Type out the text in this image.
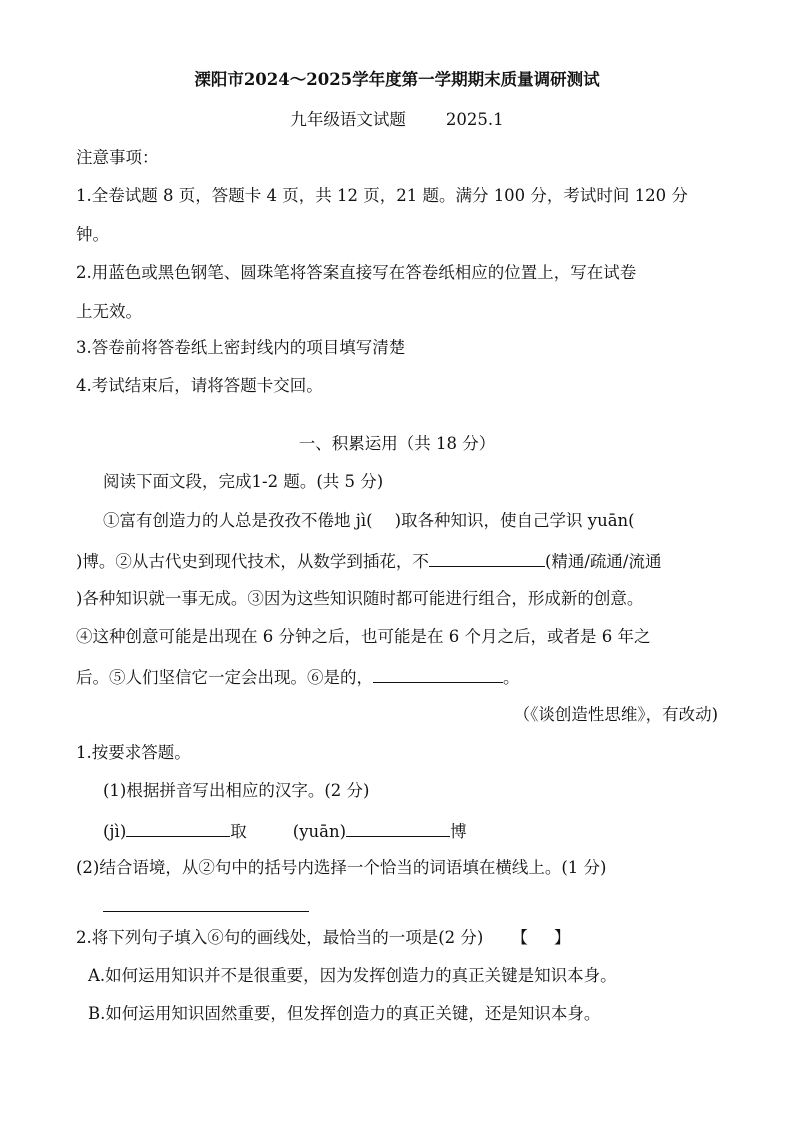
溧阳市2024～2025学年度第一学期期末质量调研测试
九年级语文试题 2025.1
注意事项：
1.全卷试题 8 页，答题卡 4 页，共 12 页，21 题。满分 100 分，考试时间 120 分
钟。
2.用蓝色或黑色钢笔、圆珠笔将答案直接写在答卷纸相应的位置上，写在试卷
上无效。
3.答卷前将答卷纸上密封线内的项目填写清楚
4.考试结束后，请将答题卡交回。
一、积累运用（共 18 分）
阅读下面文段，完成1-2 题。(共 5 分)
①富有创造力的人总是孜孜不倦地 jì( )取各种知识，使自己学识 yuān(
)博。②从古代史到现代技术，从数学到插花，不	(精通/疏通/流通
)各种知识就一事无成。③因为这些知识随时都可能进行组合，形成新的创意。
④这种创意可能是出现在 6 分钟之后，也可能是在 6 个月之后，或者是 6 年之
后。⑤人们坚信它一定会出现。⑥是的，	。
（《谈创造性思维》，有改动)
1.按要求答题。
(1)根据拼音写出相应的汉字。(2 分)
(jì)	取	(yuān)	博
(2)结合语境，从②句中的括号内选择一个恰当的词语填在横线上。(1 分)
2.将下列句子填入⑥句的画线处，最恰当的一项是(2 分) 【 】
A.如何运用知识并不是很重要，因为发挥创造力的真正关键是知识本身。
B.如何运用知识固然重要，但发挥创造力的真正关键，还是知识本身。
